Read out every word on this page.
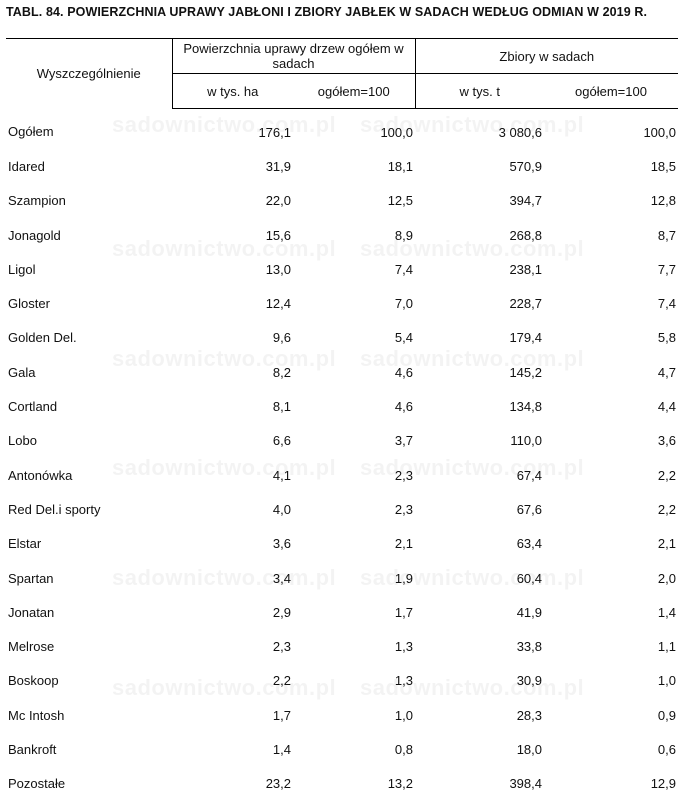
TABL. 84. POWIERZCHNIA UPRAWY JABŁONI I ZBIORY JABŁEK W SADACH WEDŁUG ODMIAN W 2019 R.
Wyszczególnienie	Powierzchnia uprawy drzew ogółem w sadach		Zbiory w sadach	
	w tys. ha	ogółem=100	w tys. t	ogółem=100
Ogółem	176,1	100,0	3 080,6	100,0
Idared	31,9	18,1	570,9	18,5
Szampion	22,0	12,5	394,7	12,8
Jonagold	15,6	8,9	268,8	8,7
Ligol	13,0	7,4	238,1	7,7
Gloster	12,4	7,0	228,7	7,4
Golden Del.	9,6	5,4	179,4	5,8
Gala	8,2	4,6	145,2	4,7
Cortland	8,1	4,6	134,8	4,4
Lobo	6,6	3,7	110,0	3,6
Antonówka	4,1	2,3	67,4	2,2
Red Del.i sporty	4,0	2,3	67,6	2,2
Elstar	3,6	2,1	63,4	2,1
Spartan	3,4	1,9	60,4	2,0
Jonatan	2,9	1,7	41,9	1,4
Melrose	2,3	1,3	33,8	1,1
Boskoop	2,2	1,3	30,9	1,0
Mc Intosh	1,7	1,0	28,3	0,9
Bankroft	1,4	0,8	18,0	0,6
Pozostałe	23,2	13,2	398,4	12,9
